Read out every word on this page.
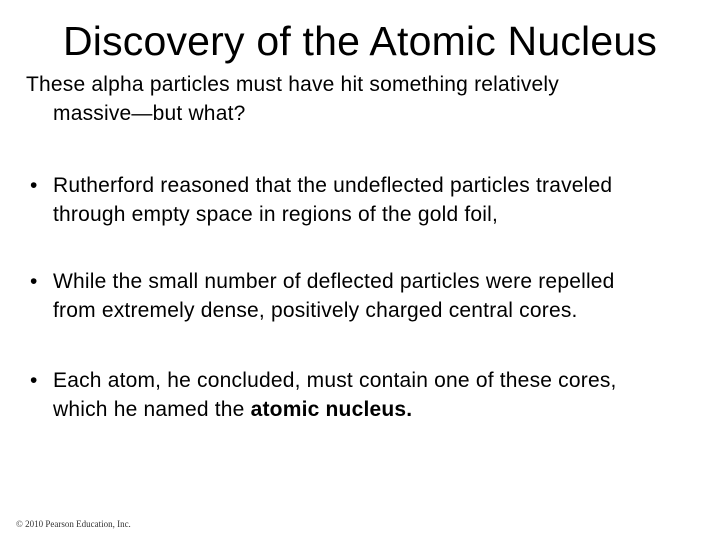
Discovery of the Atomic Nucleus
These alpha particles must have hit something relatively
massive—but what?
• Rutherford reasoned that the undeflected particles traveled
through empty space in regions of the gold foil,
• While the small number of deflected particles were repelled
from extremely dense, positively charged central cores.
• Each atom, he concluded, must contain one of these cores,
which he named the atomic nucleus.
© 2010 Pearson Education, Inc.
